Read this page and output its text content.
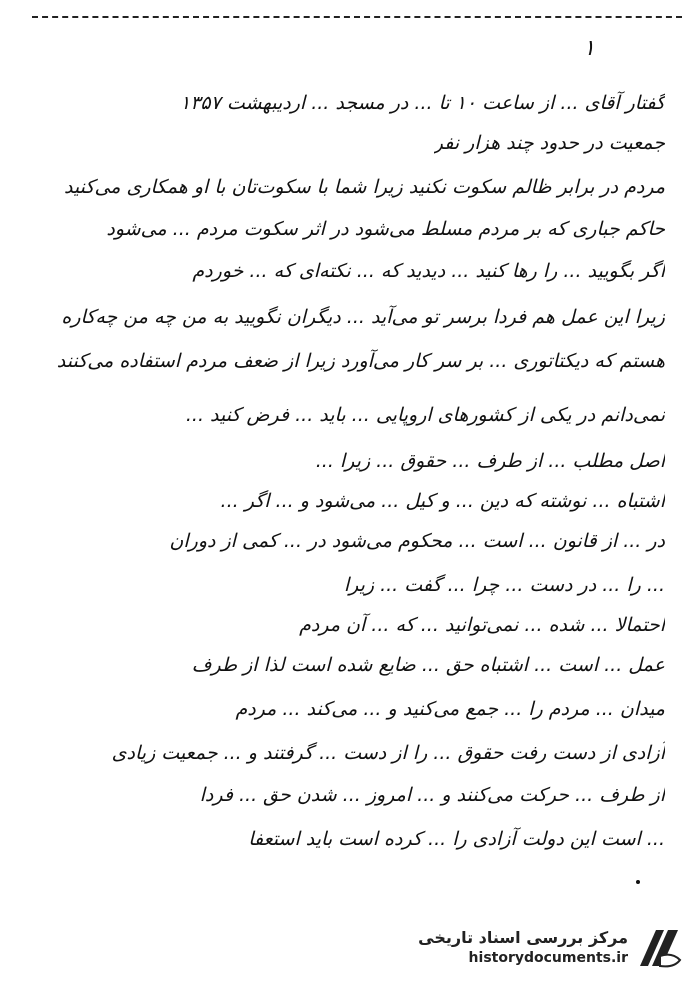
۱
گفتار آقای ... از ساعت ۱۰ تا ... در مسجد ... اردیبهشت ۱۳۵۷
جمعیت در حدود چند هزار نفر
مردم در برابر ظالم سکوت نکنید زیرا شما با سکوت‌تان با او همکاری می‌کنید
حاکم جباری که بر مردم مسلط می‌شود در اثر سکوت مردم ... می‌شود
اگر بگویید ... را رها کنید ... دیدید که ... نکته‌ای که ... خوردم
زیرا این عمل هم فردا برسر تو می‌آید ... دیگران نگویید به من چه من چه‌کاره
هستم که دیکتاتوری ... بر سر کار می‌آورد زیرا از ضعف مردم استفاده می‌کنند
نمی‌دانم در یکی از کشورهای اروپایی ... باید ... فرض کنید ...
اصل مطلب ... از طرف ... حقوق ... زیرا ...
اشتباه ... نوشته که دین ... و کیل ... می‌شود و ... اگر ...
در ... از قانون ... است ... محکوم می‌شود در ... کمی از دوران
... را ... در دست ... چرا ... گفت ... زیرا
احتمالا ... شده ... نمی‌توانید ... که ... آن مردم
عمل ... است ... اشتباه حق ... ضایع شده است لذا از طرف
میدان ... مردم را ... جمع می‌کنید و ... می‌کند ... مردم
آزادی از دست رفت حقوق ... را از دست ... گرفتند و ... جمعیت زیادی
از طرف ... حرکت می‌کنند و ... امروز ... شدن حق ... فردا
... است این دولت آزادی را ... کرده است باید استعفا
مرکز بررسی اسناد تاریخی
historydocuments.ir
